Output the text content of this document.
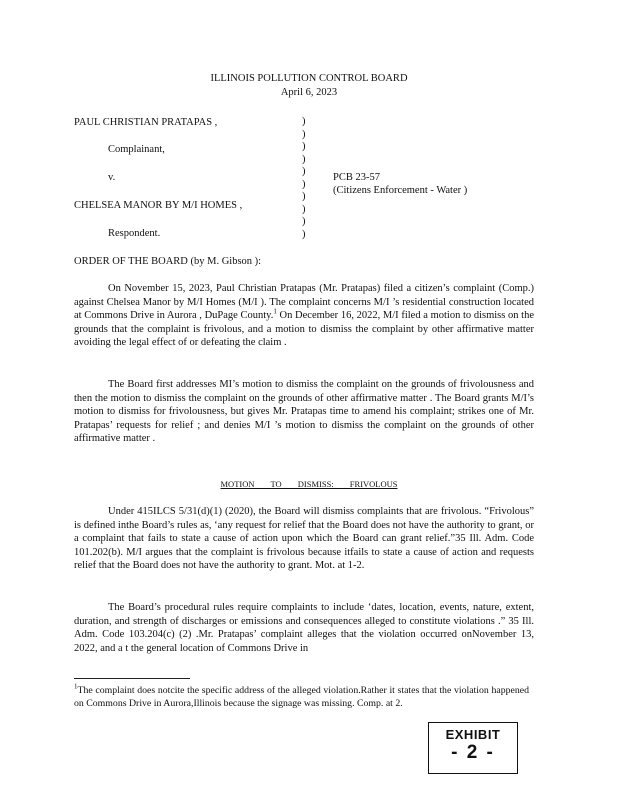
ILLINOIS POLLUTION CONTROL BOARD
April 6, 2023
PAUL CHRISTIAN PRATAPAS ,
Complainant,
v.
CHELSEA MANOR BY M/I HOMES ,
Respondent.
)
)
)
)
)
)
)
)
)
)
PCB 23-57
(Citizens Enforcement - Water )
ORDER OF THE BOARD (by M. Gibson ):

On November 15, 2023, Paul Christian Pratapas (Mr. Pratapas) filed a citizen’s complaint (Comp.) against Chelsea Manor by M/I Homes (M/I ). The complaint concerns M/I ’s residential construction located at Commons Drive in Aurora , DuPage County.$^1$ On December 16, 2022, M/I filed a motion to dismiss on the grounds that the complaint is frivolous, and a motion to dismiss the complaint by other affirmative matter avoiding the legal effect of or defeating the claim .

The Board first addresses MI’s motion to dismiss the complaint on the grounds of frivolousness and then the motion to dismiss the complaint on the grounds of other affirmative matter . The Board grants M/I’s motion to dismiss for frivolousness, but gives Mr. Pratapas time to amend his complaint; strikes one of Mr. Pratapas’ requests for relief ; and denies M/I ’s motion to dismiss the complaint on the grounds of other affirmative matter .

MOTION TO DISMISS: FRIVOLOUS

Under 415ILCS 5/31(d)(1) (2020), the Board will dismiss complaints that are frivolous. “Frivolous” is defined inthe Board’s rules as, ‘any request for relief that the Board does not have the authority to grant, or a complaint that fails to state a cause of action upon which the Board can grant relief.”35 Ill. Adm. Code 101.202(b). M/I argues that the complaint is frivolous because itfails to state a cause of action and requests relief that the Board does not have the authority to grant. Mot. at 1-2.

The Board’s procedural rules require complaints to include ‘dates, location, events, nature, extent, duration, and strength of discharges or emissions and consequences alleged to constitute violations .” 35 Ill. Adm. Code 103.204(c) (2) .Mr. Pratapas’ complaint alleges that the violation occurred onNovember 13, 2022, and a t the general location of Commons Drive in

$^1$The complaint does notcite the specific address of the alleged violation.Rather it states that the violation happened on Commons Drive in Aurora,Illinois because the signage was missing. Comp. at 2.
EXHIBIT
- 2 -
